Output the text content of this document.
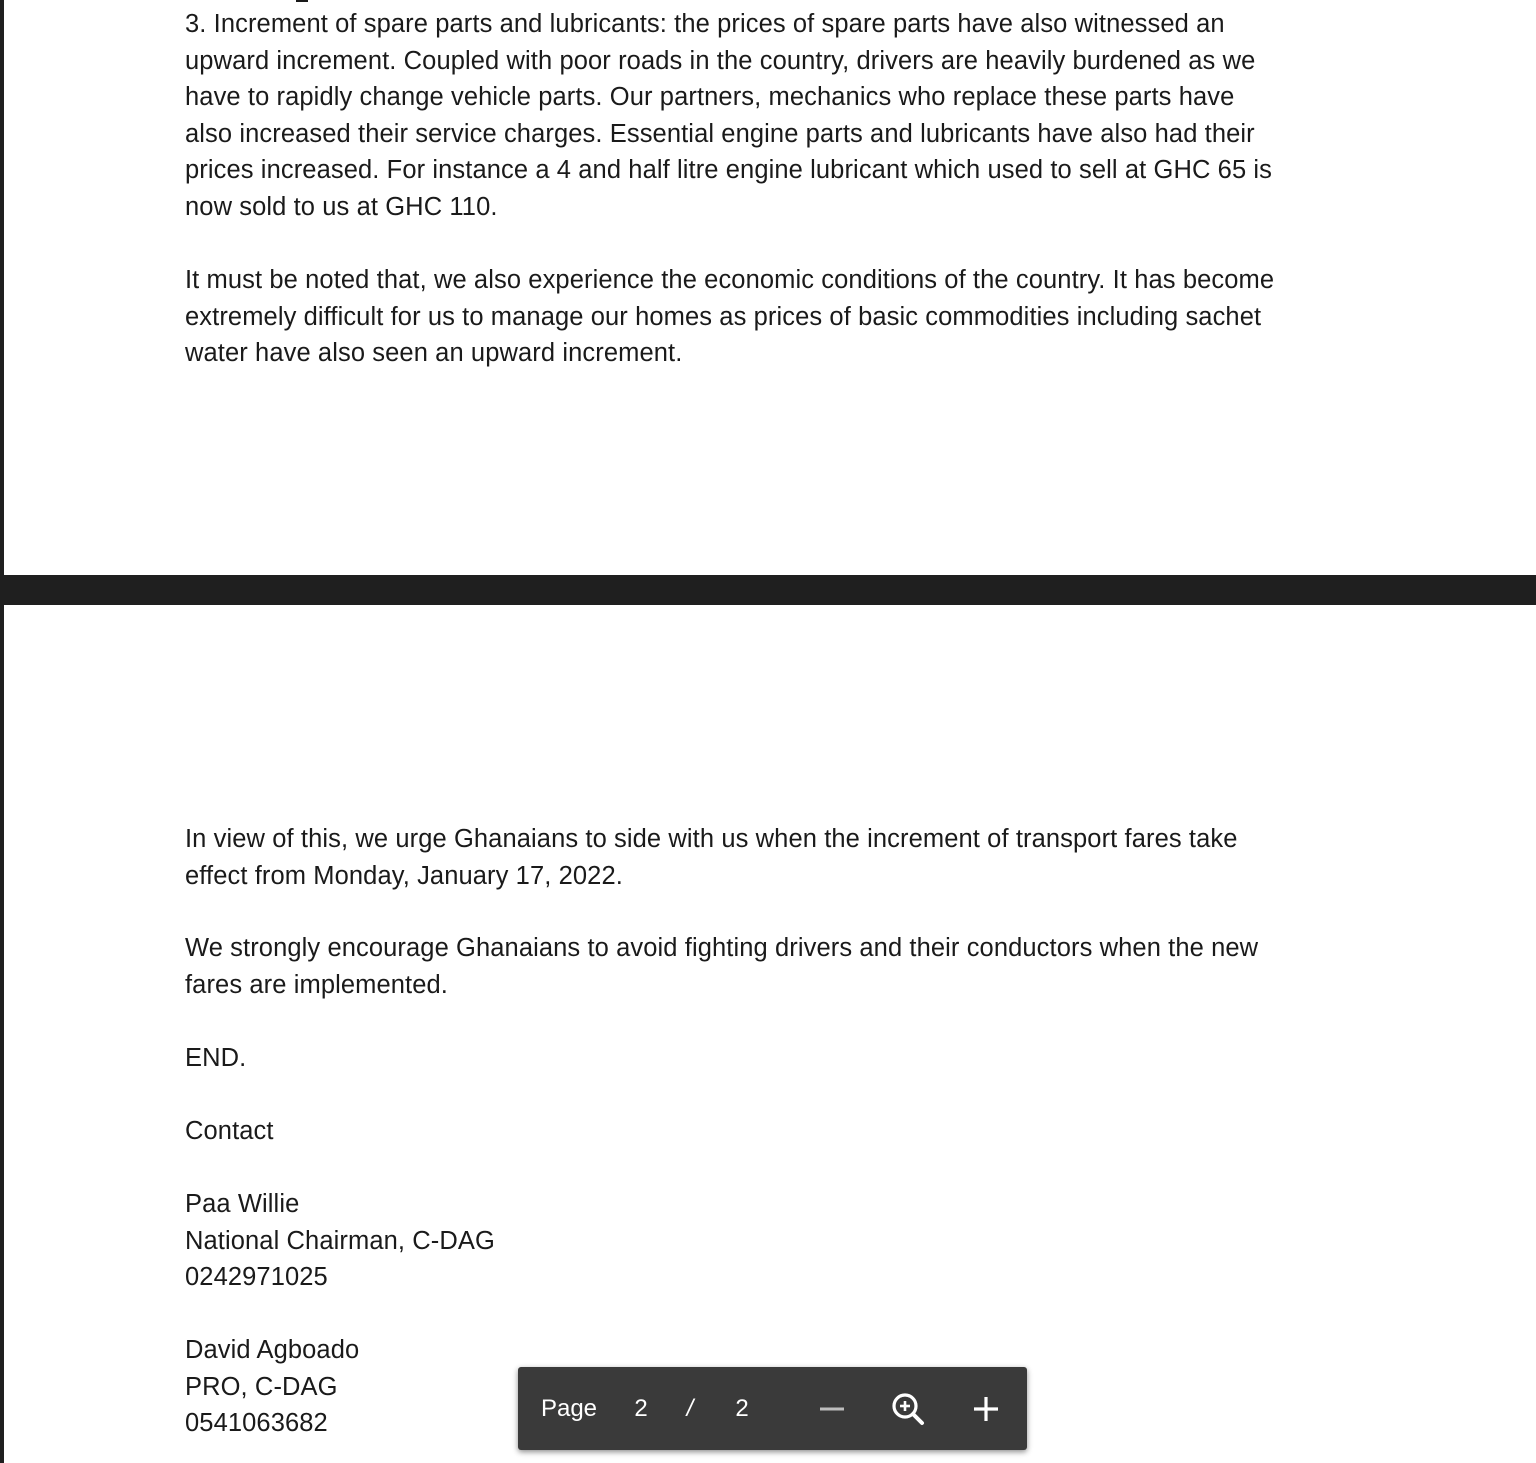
3. Increment of spare parts and lubricants: the prices of spare parts have also witnessed an
upward increment. Coupled with poor roads in the country, drivers are heavily burdened as we
have to rapidly change vehicle parts. Our partners, mechanics who replace these parts have
also increased their service charges. Essential engine parts and lubricants have also had their
prices increased. For instance a 4 and half litre engine lubricant which used to sell at GHC 65 is
now sold to us at GHC 110.

It must be noted that, we also experience the economic conditions of the country. It has become
extremely difficult for us to manage our homes as prices of basic commodities including sachet
water have also seen an upward increment.

In view of this, we urge Ghanaians to side with us when the increment of transport fares take
effect from Monday, January 17, 2022.

We strongly encourage Ghanaians to avoid fighting drivers and their conductors when the new
fares are implemented.

END.

Contact

Paa Willie
National Chairman, C-DAG
0242971025

David Agboado
PRO, C-DAG
0541063682

Page	2	/	2
